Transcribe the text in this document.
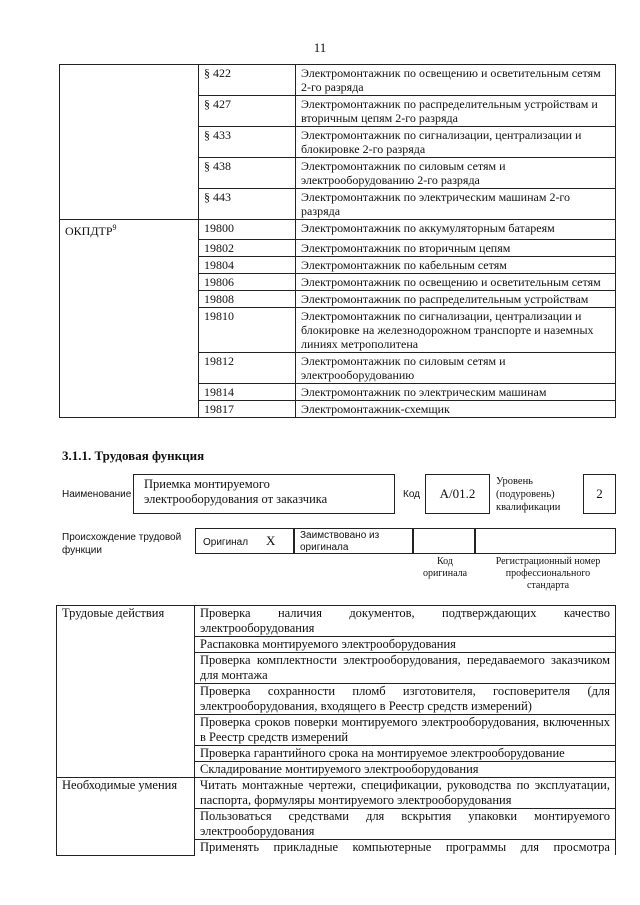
11
	§ 422	Электромонтажник по освещению и осветительным сетям 2-го разряда
	§ 427	Электромонтажник по распределительным устройствам и вторичным цепям 2-го разряда
	§ 433	Электромонтажник по сигнализации, централизации и блокировке 2-го разряда
	§ 438	Электромонтажник по силовым сетям и электрооборудованию 2-го разряда
	§ 443	Электромонтажник по электрическим машинам 2-го разряда
ОКПДТР$^9$	19800	Электромонтажник по аккумуляторным батареям
	19802	Электромонтажник по вторичным цепям
	19804	Электромонтажник по кабельным сетям
	19806	Электромонтажник по освещению и осветительным сетям
	19808	Электромонтажник по распределительным устройствам
	19810	Электромонтажник по сигнализации, централизации и блокировке на железнодорожном транспорте и наземных линиях метрополитена
	19812	Электромонтажник по силовым сетям и электрооборудованию
	19814	Электромонтажник по электрическим машинам
	19817	Электромонтажник-схемщик
3.1.1. Трудовая функция
Наименование
Приемка монтируемого электрооборудования от заказчика	Код	А/01.2
Уровень
(подуровень)
квалификации
2
Происхождение трудовой
функции
Оригинал X Заимствовано из
оригинала
Код
оригинала
Регистрационный номер
профессионального
стандарта
Трудовые действия	Проверка наличия документов, подтверждающих качество электрооборудования
	Распаковка монтируемого электрооборудования
	Проверка комплектности электрооборудования, передаваемого заказчиком для монтажа
	Проверка сохранности пломб изготовителя, госповерителя (для электрооборудования, входящего в Реестр средств измерений)
	Проверка сроков поверки монтируемого электрооборудования, включенных в Реестр средств измерений
	Проверка гарантийного срока на монтируемое электрооборудование
	Складирование монтируемого электрооборудования
Необходимые умения	Читать монтажные чертежи, спецификации, руководства по эксплуатации, паспорта, формуляры монтируемого электрооборудования
	Пользоваться средствами для вскрытия упаковки монтируемого электрооборудования
	Применять прикладные компьютерные программы для просмотра
